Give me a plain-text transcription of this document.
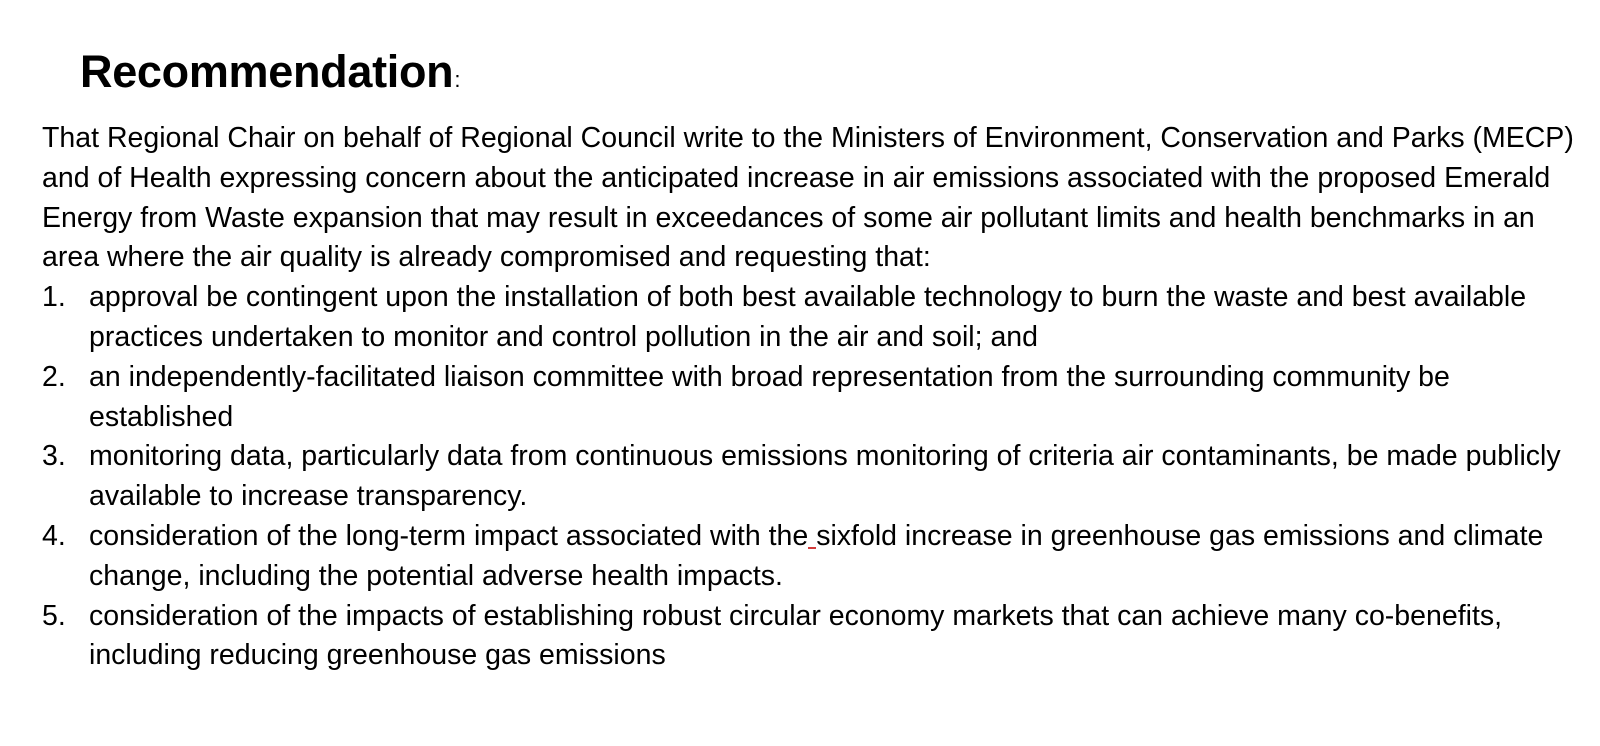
Recommendation:

That Regional Chair on behalf of Regional Council write to the Ministers of Environment, Conservation and Parks (MECP) and of Health expressing concern about the anticipated increase in air emissions associated with the proposed Emerald Energy from Waste expansion that may result in exceedances of some air pollutant limits and health benchmarks in an area where the air quality is already compromised and requesting that:

1. approval be contingent upon the installation of both best available technology to burn the waste and best available practices undertaken to monitor and control pollution in the air and soil; and
2. an independently-facilitated liaison committee with broad representation from the surrounding community be established
3. monitoring data, particularly data from continuous emissions monitoring of criteria air contaminants, be made publicly available to increase transparency.
4. consideration of the long-term impact associated with the sixfold increase in greenhouse gas emissions and climate change, including the potential adverse health impacts.
5. consideration of the impacts of establishing robust circular economy markets that can achieve many co-benefits, including reducing greenhouse gas emissions
